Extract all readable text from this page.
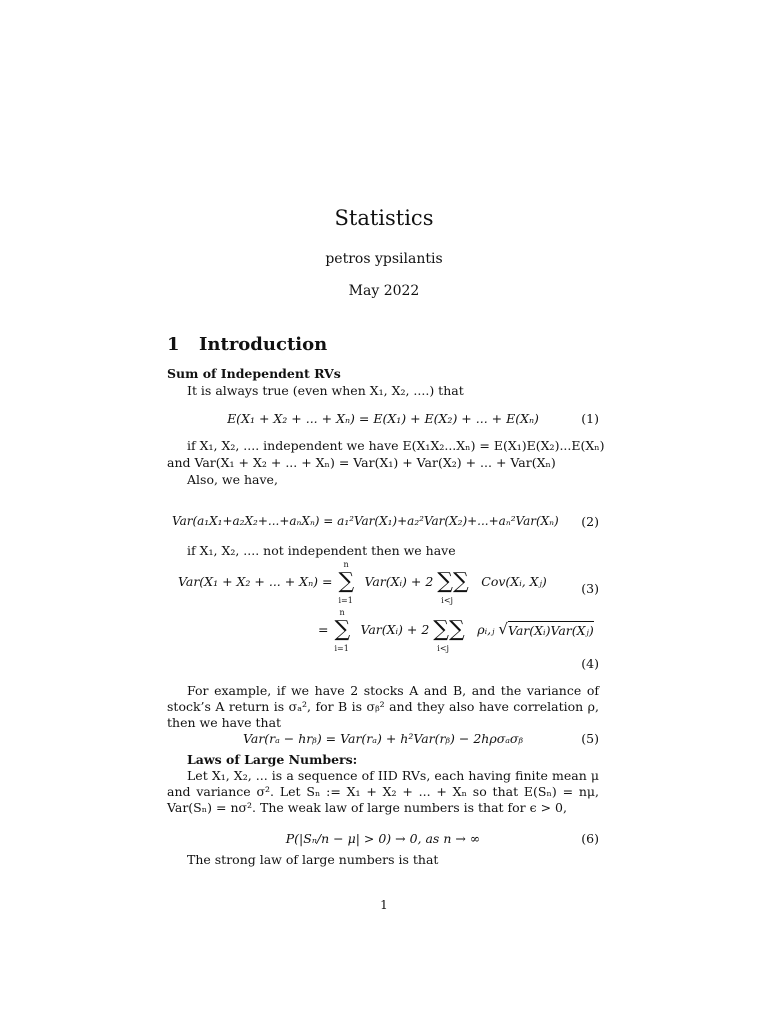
Statistics
petros ypsilantis
May 2022
1 Introduction
Sum of Independent RVs
It is always true (even when X₁, X₂, ....) that
E(X₁ + X₂ + ... + Xₙ) = E(X₁) + E(X₂) + ... + E(Xₙ)	(1)
if X₁, X₂, .... independent we have E(X₁X₂...Xₙ) = E(X₁)E(X₂)...E(Xₙ)
and Var(X₁ + X₂ + ... + Xₙ) = Var(X₁) + Var(X₂) + ... + Var(Xₙ)
Also, we have,
Var(a₁X₁+a₂X₂+...+aₙXₙ) = a₁²Var(X₁)+a₂²Var(X₂)+...+aₙ²Var(Xₙ) (2)
if X₁, X₂, .... not independent then we have
Var(X₁ + X₂ + ... + Xₙ) =
n
∑
i=1
Var(Xᵢ) + 2 ∑∑
i<j
Cov(Xᵢ, Xⱼ)	(3)
=
n
∑
i=1
Var(Xᵢ) + 2 ∑∑
i<j
ρᵢ,ⱼ √Var(Xᵢ)Var(Xⱼ)
(4)
For example, if we have 2 stocks A and B, and the variance of stock’s A return is σₐ², for B is σᵦ² and they also have correlation ρ, then we have that
Var(rₐ − hrᵦ) = Var(rₐ) + h²Var(rᵦ) − 2hρσₐσᵦ	(5)
Laws of Large Numbers:
Let X₁, X₂, ... is a sequence of IID RVs, each having finite mean μ and variance σ². Let Sₙ := X₁ + X₂ + ... + Xₙ so that E(Sₙ) = nμ, Var(Sₙ) = nσ². The weak law of large numbers is that for ϵ > 0,
P(|Sₙ/n − μ| > 0) → 0, as n → ∞	(6)
The strong law of large numbers is that
1
